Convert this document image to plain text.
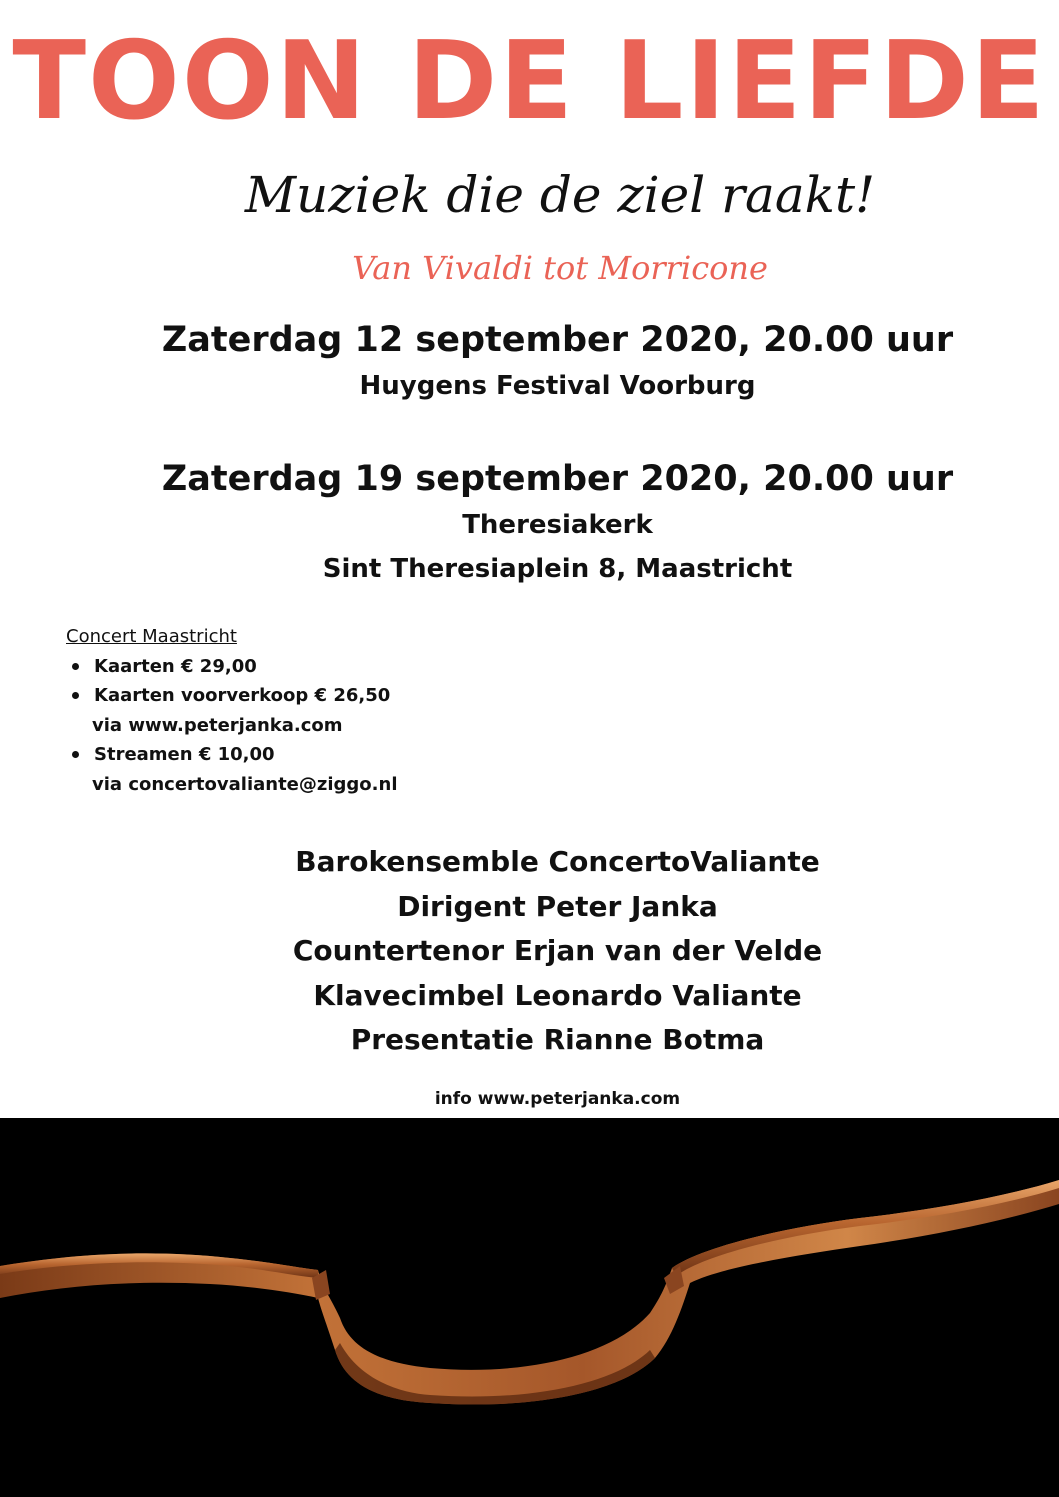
TOON DE LIEFDE
Muziek die de ziel raakt!
Van Vivaldi tot Morricone
Zaterdag 12 september 2020, 20.00 uur
Huygens Festival Voorburg
Zaterdag 19 september 2020, 20.00 uur
Theresiakerk
Sint Theresiaplein 8, Maastricht
Concert Maastricht
Kaarten € 29,00
Kaarten voorverkoop € 26,50
via www.peterjanka.com
Streamen € 10,00
via concertovaliante@ziggo.nl
Barokensemble ConcertoValiante
Dirigent Peter Janka
Countertenor Erjan van der Velde
Klavecimbel Leonardo Valiante
Presentatie Rianne Botma
info www.peterjanka.com
